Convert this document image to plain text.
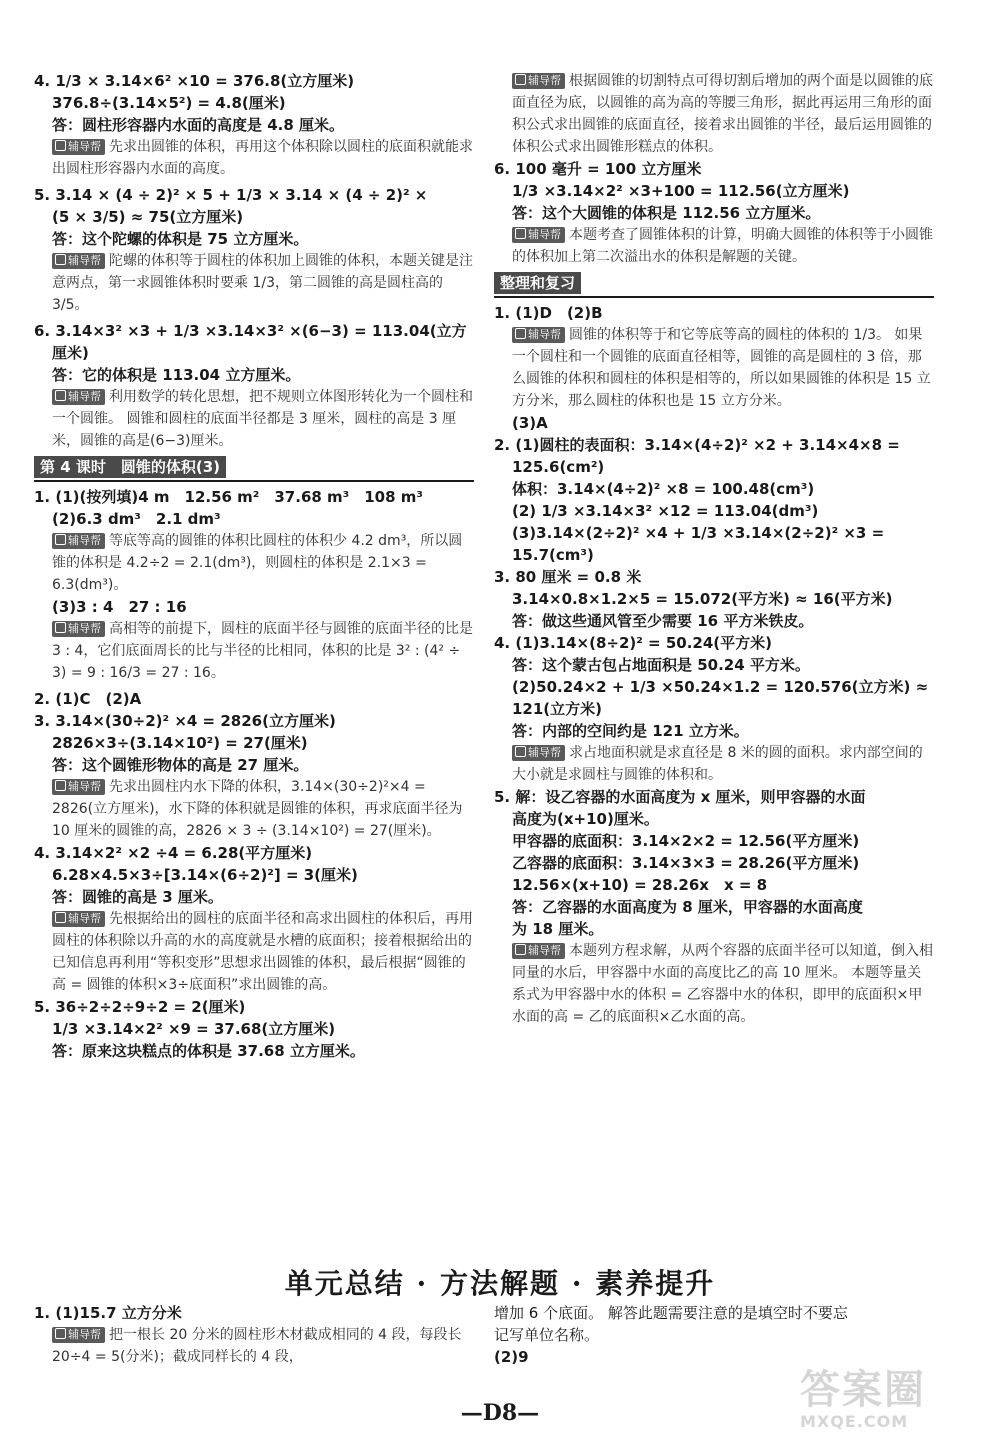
4. 1/3 × 3.14×6² ×10 = 376.8(立方厘米)
376.8÷(3.14×5²) = 4.8(厘米)
答：圆柱形容器内水面的高度是 4.8 厘米。
辅导帮 先求出圆锥的体积，再用这个体积除以圆柱的底面积就能求出圆柱形容器内水面的高度。
5. 3.14 × (4 ÷ 2)² × 5 + 1/3 × 3.14 × (4 ÷ 2)² ×
(5 × 3/5) ≈ 75(立方厘米)
答：这个陀螺的体积是 75 立方厘米。
辅导帮 陀螺的体积等于圆柱的体积加上圆锥的体积，本题关键是注意两点，第一求圆锥体积时要乘 1/3，第二圆锥的高是圆柱高的 3/5。
6. 3.14×3² ×3 + 1/3 ×3.14×3² ×(6−3) = 113.04(立方
厘米)
答：它的体积是 113.04 立方厘米。
辅导帮 利用数学的转化思想，把不规则立体图形转化为一个圆柱和一个圆锥。 圆锥和圆柱的底面半径都是 3 厘米，圆柱的高是 3 厘米，圆锥的高是(6−3)厘米。
第 4 课时　圆锥的体积(3)
1. (1)(按列填)4 m　12.56 m²　37.68 m³　108 m³
(2)6.3 dm³　2.1 dm³
辅导帮 等底等高的圆锥的体积比圆柱的体积少 4.2 dm³，所以圆锥的体积是 4.2÷2 = 2.1(dm³)，则圆柱的体积是 2.1×3 = 6.3(dm³)。
(3)3 : 4　27 : 16
辅导帮 高相等的前提下，圆柱的底面半径与圆锥的底面半径的比是 3 : 4，它们底面周长的比与半径的比相同，体积的比是 3² : (4² ÷ 3) = 9 : 16/3 = 27 : 16。
2. (1)C　(2)A
3. 3.14×(30÷2)² ×4 = 2826(立方厘米)
2826×3÷(3.14×10²) = 27(厘米)
答：这个圆锥形物体的高是 27 厘米。
辅导帮 先求出圆柱内水下降的体积，3.14×(30÷2)²×4 = 2826(立方厘米)，水下降的体积就是圆锥的体积，再求底面半径为 10 厘米的圆锥的高，2826 × 3 ÷ (3.14×10²) = 27(厘米)。
4. 3.14×2² ×2 ÷4 = 6.28(平方厘米)
6.28×4.5×3÷[3.14×(6÷2)²] = 3(厘米)
答：圆锥的高是 3 厘米。
辅导帮 先根据给出的圆柱的底面半径和高求出圆柱的体积后，再用圆柱的体积除以升高的水的高度就是水槽的底面积；接着根据给出的已知信息再利用“等积变形”思想求出圆锥的体积，最后根据“圆锥的高 = 圆锥的体积×3÷底面积”求出圆锥的高。
5. 36÷2÷2÷9÷2 = 2(厘米)
1/3 ×3.14×2² ×9 = 37.68(立方厘米)
答：原来这块糕点的体积是 37.68 立方厘米。
辅导帮 根据圆锥的切割特点可得切割后增加的两个面是以圆锥的底面直径为底，以圆锥的高为高的等腰三角形，据此再运用三角形的面积公式求出圆锥的底面直径，接着求出圆锥的半径，最后运用圆锥的体积公式求出圆锥形糕点的体积。
6. 100 毫升 = 100 立方厘米
1/3 ×3.14×2² ×3+100 = 112.56(立方厘米)
答：这个大圆锥的体积是 112.56 立方厘米。
辅导帮 本题考查了圆锥体积的计算，明确大圆锥的体积等于小圆锥的体积加上第二次溢出水的体积是解题的关键。
整理和复习
1. (1)D　(2)B
辅导帮 圆锥的体积等于和它等底等高的圆柱的体积的 1/3。 如果一个圆柱和一个圆锥的底面直径相等，圆锥的高是圆柱的 3 倍，那么圆锥的体积和圆柱的体积是相等的，所以如果圆锥的体积是 15 立方分米，那么圆柱的体积也是 15 立方分米。
(3)A
2. (1)圆柱的表面积：3.14×(4÷2)² ×2 + 3.14×4×8 =
125.6(cm²)
体积：3.14×(4÷2)² ×8 = 100.48(cm³)
(2) 1/3 ×3.14×3² ×12 = 113.04(dm³)
(3)3.14×(2÷2)² ×4 + 1/3 ×3.14×(2÷2)² ×3 =
15.7(cm³)
3. 80 厘米 = 0.8 米
3.14×0.8×1.2×5 = 15.072(平方米) ≈ 16(平方米)
答：做这些通风管至少需要 16 平方米铁皮。
4. (1)3.14×(8÷2)² = 50.24(平方米)
答：这个蒙古包占地面积是 50.24 平方米。
(2)50.24×2 + 1/3 ×50.24×1.2 = 120.576(立方米) ≈
121(立方米)
答：内部的空间约是 121 立方米。
辅导帮 求占地面积就是求直径是 8 米的圆的面积。求内部空间的大小就是求圆柱与圆锥的体积和。
5. 解：设乙容器的水面高度为 x 厘米，则甲容器的水面
高度为(x+10)厘米。
甲容器的底面积：3.14×2×2 = 12.56(平方厘米)
乙容器的底面积：3.14×3×3 = 28.26(平方厘米)
12.56×(x+10) = 28.26x　x = 8
答：乙容器的水面高度为 8 厘米，甲容器的水面高度
为 18 厘米。
辅导帮 本题列方程求解，从两个容器的底面半径可以知道，倒入相同量的水后，甲容器中水面的高度比乙的高 10 厘米。 本题等量关系式为甲容器中水的体积 = 乙容器中水的体积，即甲的底面积×甲水面的高 = 乙的底面积×乙水面的高。
单元总结 · 方法解题 · 素养提升
1. (1)15.7 立方分米
辅导帮 把一根长 20 分米的圆柱形木材截成相同的 4 段，每段长 20÷4 = 5(分米)；截成同样长的 4 段，
增加 6 个底面。 解答此题需要注意的是填空时不要忘
记写单位名称。
(2)9
—D8—	答案圈
MXQE.COM
